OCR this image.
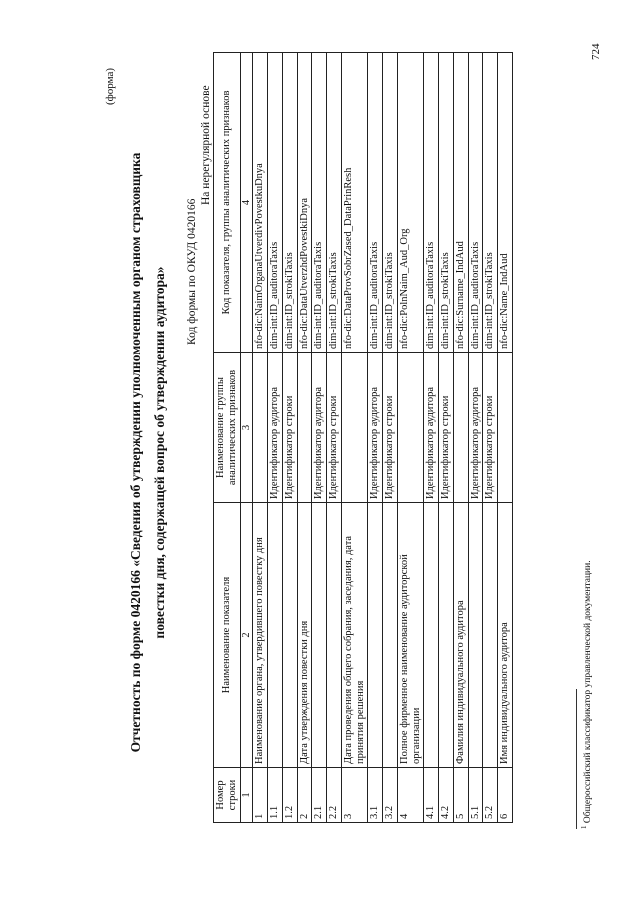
(форма)
Отчетность по форме 0420166 «Сведения об утверждении уполномоченным органом страховщика повестки дня, содержащей вопрос об утверждении аудитора» Код формы по ОКУД 0420166
На нерегулярной основе
Номер строки	Наименование показателя	Наименование группы аналитических признаков	Код показателя, группы аналитических признаков
1	2	3	4
1	Наименование органа, утвердившего повестку дня		nfo-dic:NaimOrganaUtverdivPovestkuDnya
1.1		Идентификатор аудитора	dim-int:ID_auditoraTaxis
1.2		Идентификатор строки	dim-int:ID_strokiTaxis
2	Дата утверждения повестки дня		nfo-dic:DataUtverzhdPovestkiDnya
2.1		Идентификатор аудитора	dim-int:ID_auditoraTaxis
2.2		Идентификатор строки	dim-int:ID_strokiTaxis
3	Дата проведения общего собрания, заседания, дата принятия решения		nfo-dic:DataProvSobrZased_DataPrinResh
3.1		Идентификатор аудитора	dim-int:ID_auditoraTaxis
3.2		Идентификатор строки	dim-int:ID_strokiTaxis
4	Полное фирменное наименование аудиторской организации		nfo-dic:PolnNaim_Aud_Org
4.1		Идентификатор аудитора	dim-int:ID_auditoraTaxis
4.2		Идентификатор строки	dim-int:ID_strokiTaxis
5	Фамилия индивидуального аудитора		nfo-dic:Surname_IndAud
5.1		Идентификатор аудитора	dim-int:ID_auditoraTaxis
5.2		Идентификатор строки	dim-int:ID_strokiTaxis
6	Имя индивидуального аудитора		nfo-dic:Name_IndAud
$^1$ Общероссийский классификатор управленческой документации.
724
